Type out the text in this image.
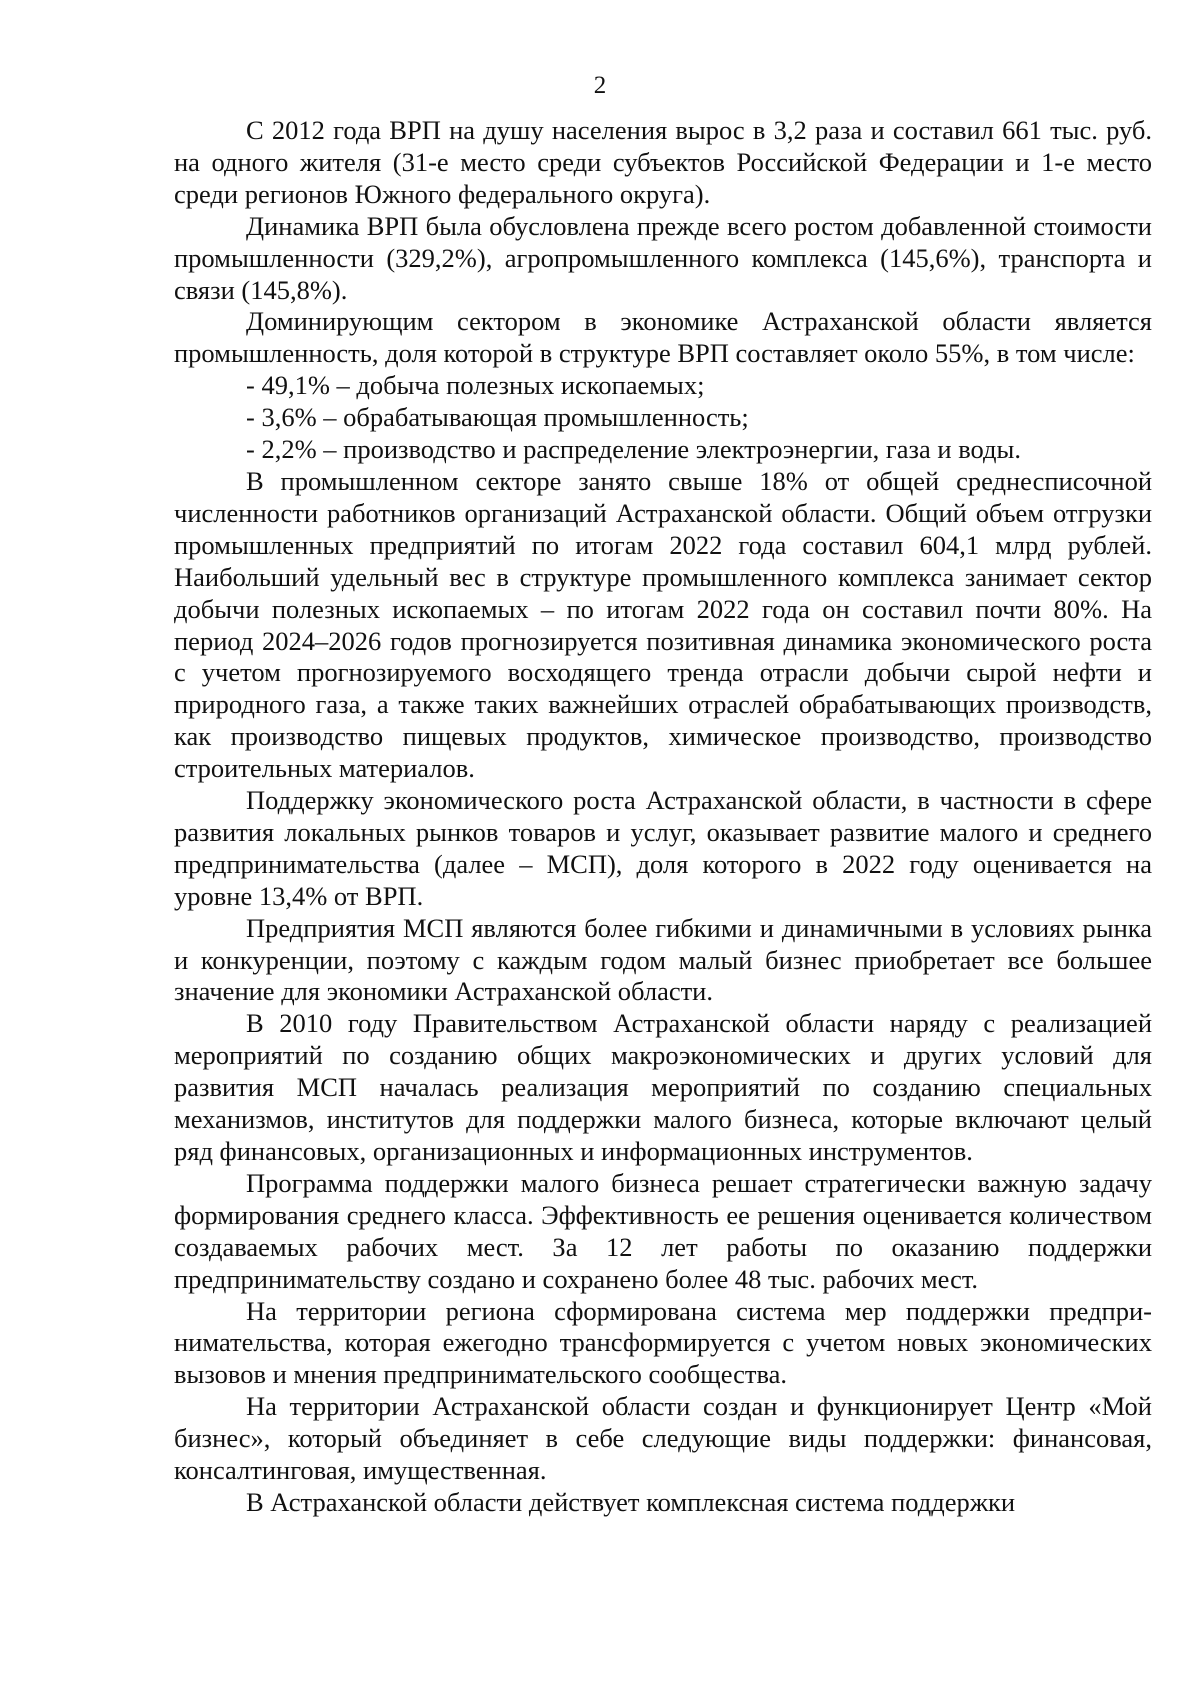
2

С 2012 года ВРП на душу населения вырос в 3,2 раза и составил 661 тыс. руб. на одного жителя (31-е место среди субъектов Российской Федерации и 1-е место среди регионов Южного федерального округа).

Динамика ВРП была обусловлена прежде всего ростом добавленной стоимости промышленности (329,2%), агропромышленного комплекса (145,6%), транспорта и связи (145,8%).

Доминирующим сектором в экономике Астраханской области является промышленность, доля которой в структуре ВРП составляет около 55%, в том числе:

- 49,1% – добыча полезных ископаемых;

- 3,6% – обрабатывающая промышленность;

- 2,2% – производство и распределение электроэнергии, газа и воды.

В промышленном секторе занято свыше 18% от общей среднесписочной численности работников организаций Астраханской области. Общий объем отгрузки промышленных предприятий по итогам 2022 года составил 604,1 млрд рублей. Наибольший удельный вес в структуре промышленного комплекса занимает сектор добычи полезных ископаемых – по итогам 2022 года он составил почти 80%. На период 2024–2026 годов прогнозируется позитивная динамика экономического роста с учетом прогнозируемого восходящего тренда отрасли добычи сырой нефти и природного газа, а также таких важнейших отраслей обрабатывающих производств, как производство пищевых продуктов, химическое производство, производство строительных материалов.

Поддержку экономического роста Астраханской области, в частности в сфере развития локальных рынков товаров и услуг, оказывает развитие малого и среднего предпринимательства (далее – МСП), доля которого в 2022 году оценивается на уровне 13,4% от ВРП.

Предприятия МСП являются более гибкими и динамичными в условиях рынка и конкуренции, поэтому с каждым годом малый бизнес приобретает все большее значение для экономики Астраханской области.

В 2010 году Правительством Астраханской области наряду с реализацией мероприятий по созданию общих макроэкономических и других условий для развития МСП началась реализация мероприятий по созданию специальных механизмов, институтов для поддержки малого бизнеса, которые включают целый ряд финансовых, организационных и информационных инструментов.

Программа поддержки малого бизнеса решает стратегически важную задачу формирования среднего класса. Эффективность ее решения оценивается количеством создаваемых рабочих мест. За 12 лет работы по оказанию поддержки предпринимательству создано и сохранено более 48 тыс. рабочих мест.

На территории региона сформирована система мер поддержки предпринимательства, которая ежегодно трансформируется с учетом новых экономических вызовов и мнения предпринимательского сообщества.

На территории Астраханской области создан и функционирует Центр «Мой бизнес», который объединяет в себе следующие виды поддержки: финансовая, консалтинговая, имущественная.

В Астраханской области действует комплексная система поддержки
